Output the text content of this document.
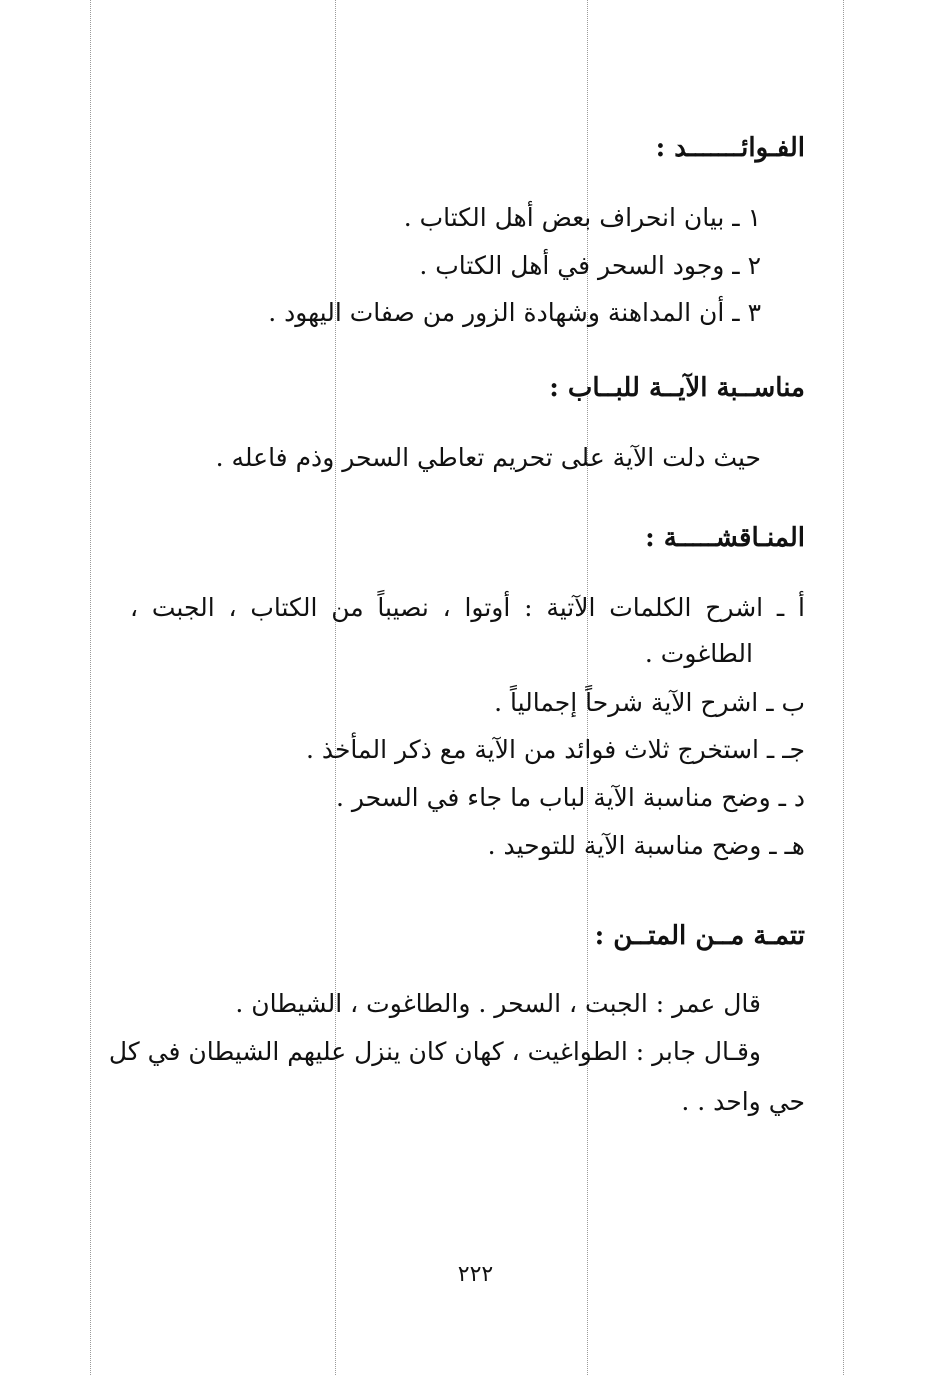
الفـوائـــــــد :
١ ـ بيان انحراف بعض أهل الكتاب .
٢ ـ وجود السحر في أهل الكتاب .
٣ ـ أن المداهنة وشهادة الزور من صفات اليهود .
مناســبة الآيــة للبــاب :
حيث دلت الآية على تحريم تعاطي السحر وذم فاعله .
المنـاقشـــــة :
أ ـ اشرح الكلمات الآتية : أوتوا ، نصيباً من الكتاب ، الجبت ،
الطاغوت .
ب ـ اشرح الآية شرحاً إجمالياً .
جـ ـ استخرج ثلاث فوائد من الآية مع ذكر المأخذ .
د ـ وضح مناسبة الآية لباب ما جاء في السحر .
هـ ـ وضح مناسبة الآية للتوحيد .
تتمـة مــن المتــن :
قال عمر : الجبت ، السحر . والطاغوت ، الشيطان .
وقـال جابر : الطواغيت ، كهان كان ينزل عليهم الشيطان في كل
حي واحد . .
٢٢٢
